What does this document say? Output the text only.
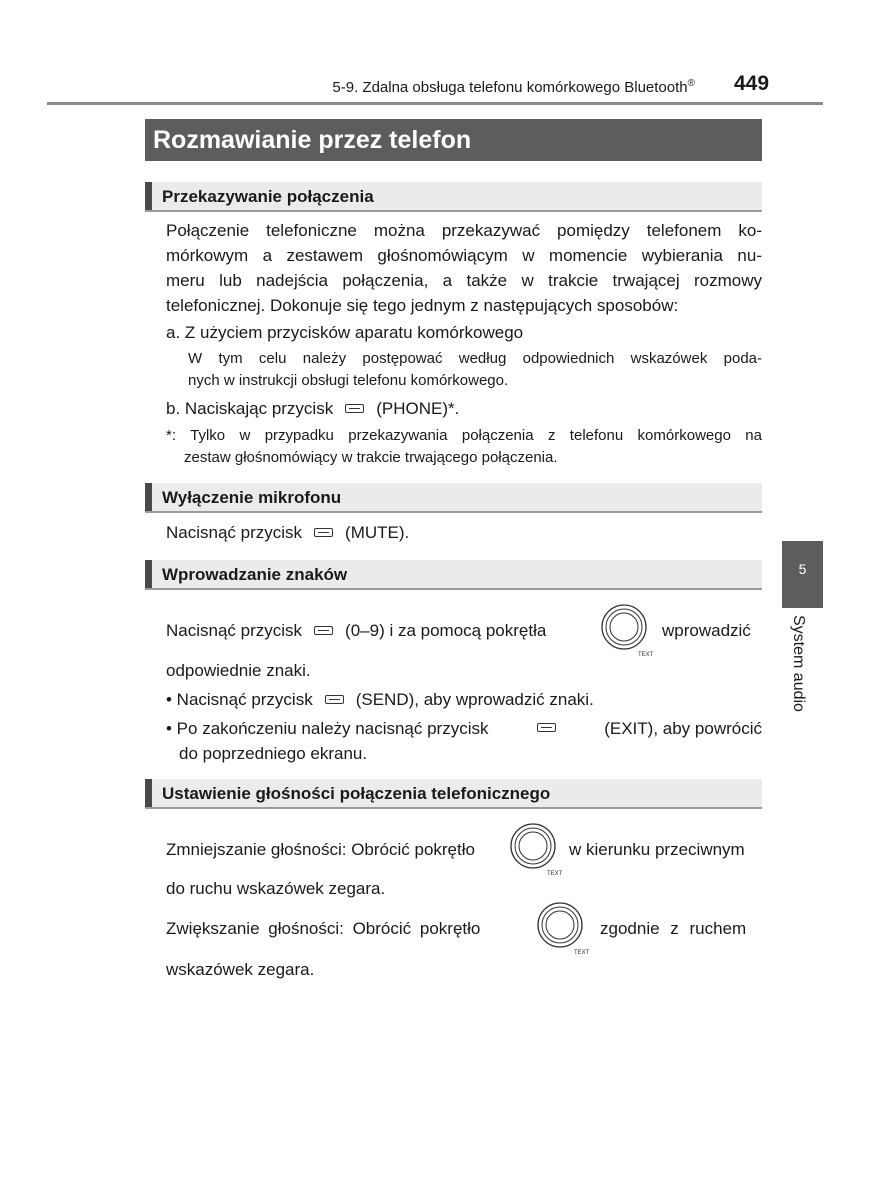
5-9. Zdalna obsługa telefonu komórkowego Bluetooth® 449
Rozmawianie przez telefon
Przekazywanie połączenia
Połączenie telefoniczne można przekazywać pomiędzy telefonem ko-
mórkowym a zestawem głośnomówiącym w momencie wybierania nu-
meru lub nadejścia połączenia, a także w trakcie trwającej rozmowy
telefonicznej. Dokonuje się tego jednym z następujących sposobów:
a. Z użyciem przycisków aparatu komórkowego
W tym celu należy postępować według odpowiednich wskazówek poda-
nych w instrukcji obsługi telefonu komórkowego.
b. Naciskając przycisk	(PHONE)*.
*: Tylko w przypadku przekazywania połączenia z telefonu komórkowego na
zestaw głośnomówiący w trakcie trwającego połączenia.
Wyłączenie mikrofonu
Nacisnąć przycisk	(MUTE).
Wprowadzanie znaków
Nacisnąć przycisk	(0–9) i za pomocą pokrętła
TEXT
wprowadzić
odpowiednie znaki.
• Nacisnąć przycisk	(SEND), aby wprowadzić znaki.
• Po zakończeniu należy nacisnąć przycisk	(EXIT), aby powrócić
do poprzedniego ekranu.
Ustawienie głośności połączenia telefonicznego
Zmniejszanie głośności: Obrócić pokrętło
TEXT
w kierunku przeciwnym
do ruchu wskazówek zegara.
Zwiększanie głośności: Obrócić pokrętło
TEXT
zgodnie z ruchem
wskazówek zegara.
5
System audio
